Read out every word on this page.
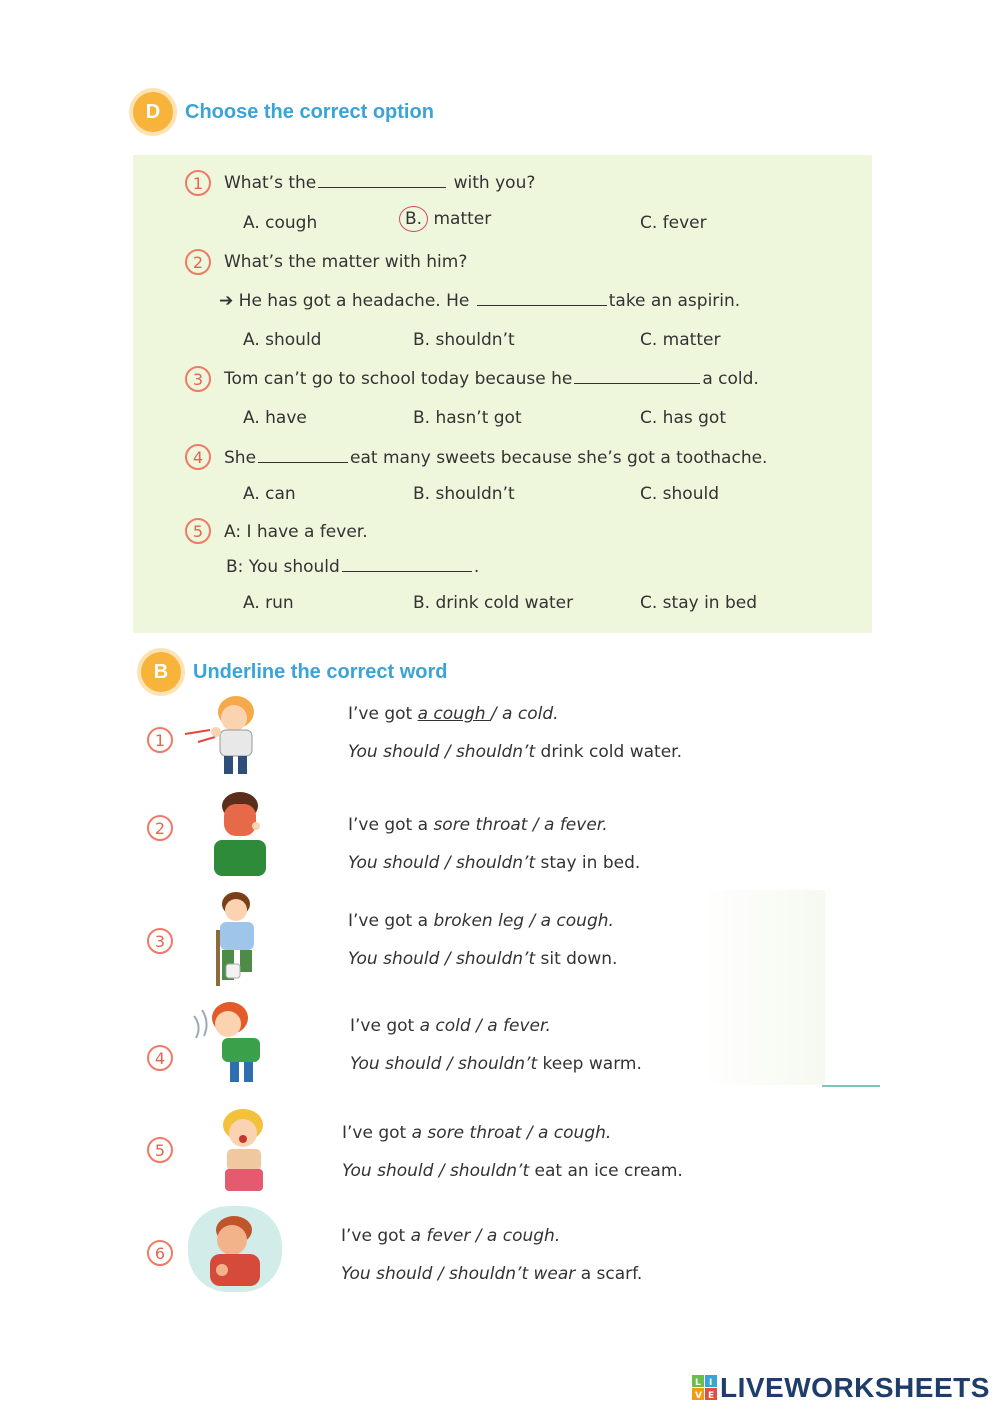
D	Choose the correct option
1	What’s the	with you?
A. cough	B. matter	C. fever
2	What’s the matter with him?
➔ He has got a headache. He	take an aspirin.
A. should	B. shouldn’t	C. matter
3	Tom can’t go to school today because he	a cold.
A. have	B. hasn’t got	C. has got
4	She	eat many sweets because she’s got a toothache.
A. can	B. shouldn’t	C. should
5	A: I have a fever.
B: You should	.
A. run	B. drink cold water	C. stay in bed
B	Underline the correct word
1
I’ve got a cough / a cold.
You should / shouldn’t drink cold water.
2	I’ve got a sore throat / a fever.
You should / shouldn’t stay in bed.
3
I’ve got a broken leg / a cough.
You should / shouldn’t sit down.
4
I’ve got a cold / a fever.
You should / shouldn’t keep warm.
5
I’ve got a sore throat / a cough.
You should / shouldn’t eat an ice cream.
6
I’ve got a fever / a cough.
You should / shouldn’t wear a scarf.
L I
V E LIVEWORKSHEETS
